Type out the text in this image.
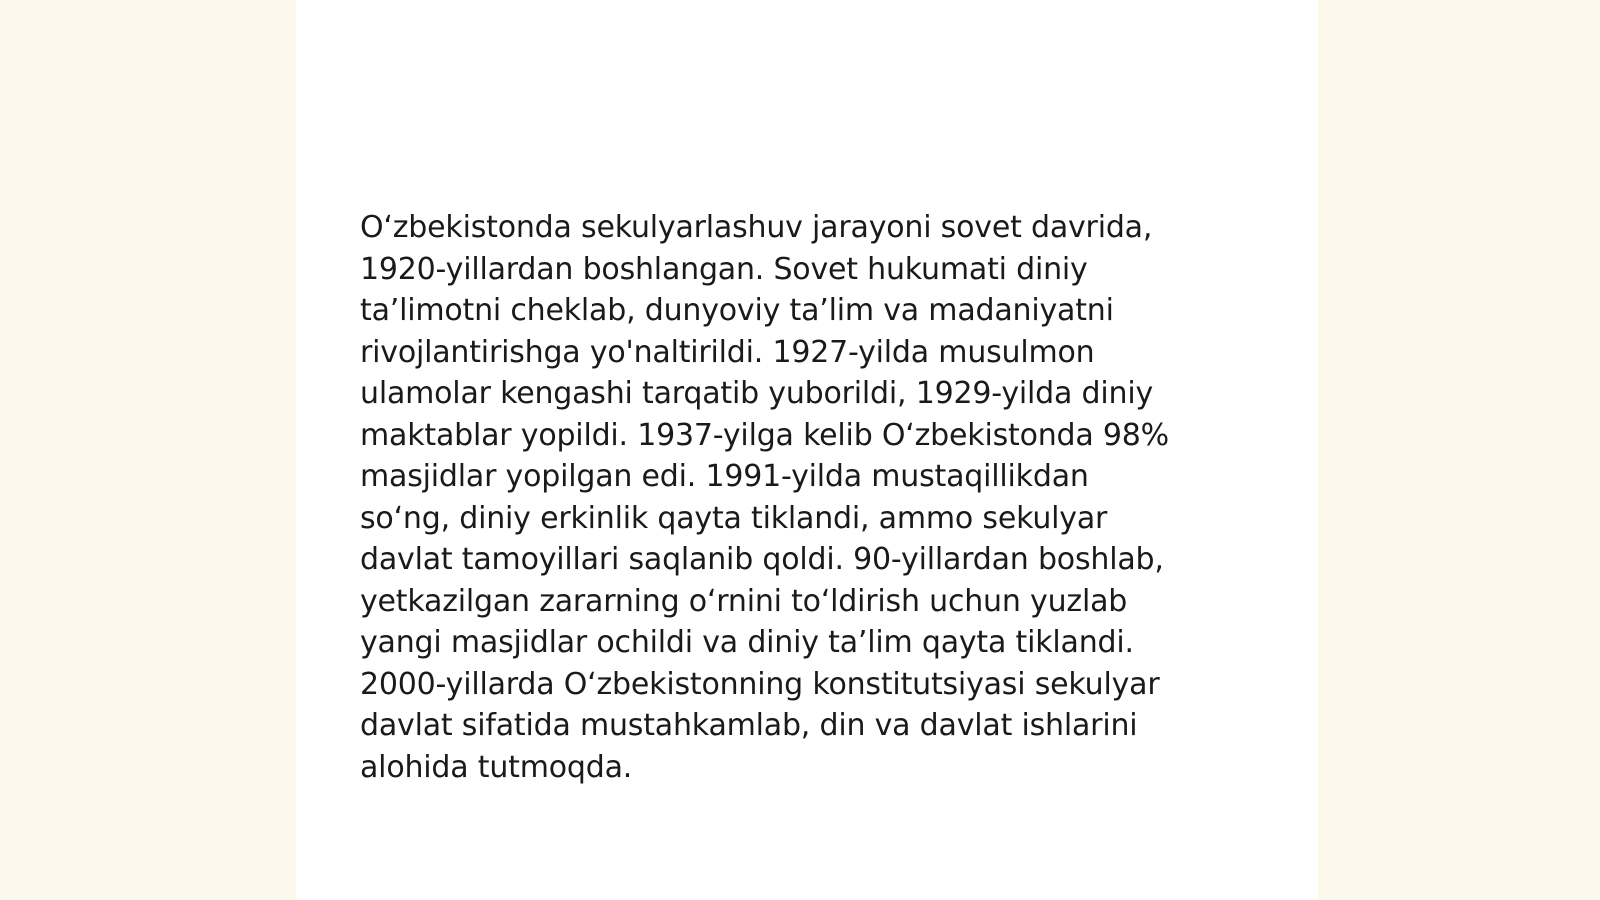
O‘zbekistonda sekulyarlashuv jarayoni sovet davrida,
1920-yillardan boshlangan. Sovet hukumati diniy
ta’limotni cheklab, dunyoviy ta’lim va madaniyatni
rivojlantirishga yo'naltirildi. 1927-yilda musulmon
ulamolar kengashi tarqatib yuborildi, 1929-yilda diniy
maktablar yopildi. 1937-yilga kelib O‘zbekistonda 98%
masjidlar yopilgan edi. 1991-yilda mustaqillikdan
so‘ng, diniy erkinlik qayta tiklandi, ammo sekulyar
davlat tamoyillari saqlanib qoldi. 90-yillardan boshlab,
yetkazilgan zararning o‘rnini to‘ldirish uchun yuzlab
yangi masjidlar ochildi va diniy ta’lim qayta tiklandi.
2000-yillarda O‘zbekistonning konstitutsiyasi sekulyar
davlat sifatida mustahkamlab, din va davlat ishlarini
alohida tutmoqda.
